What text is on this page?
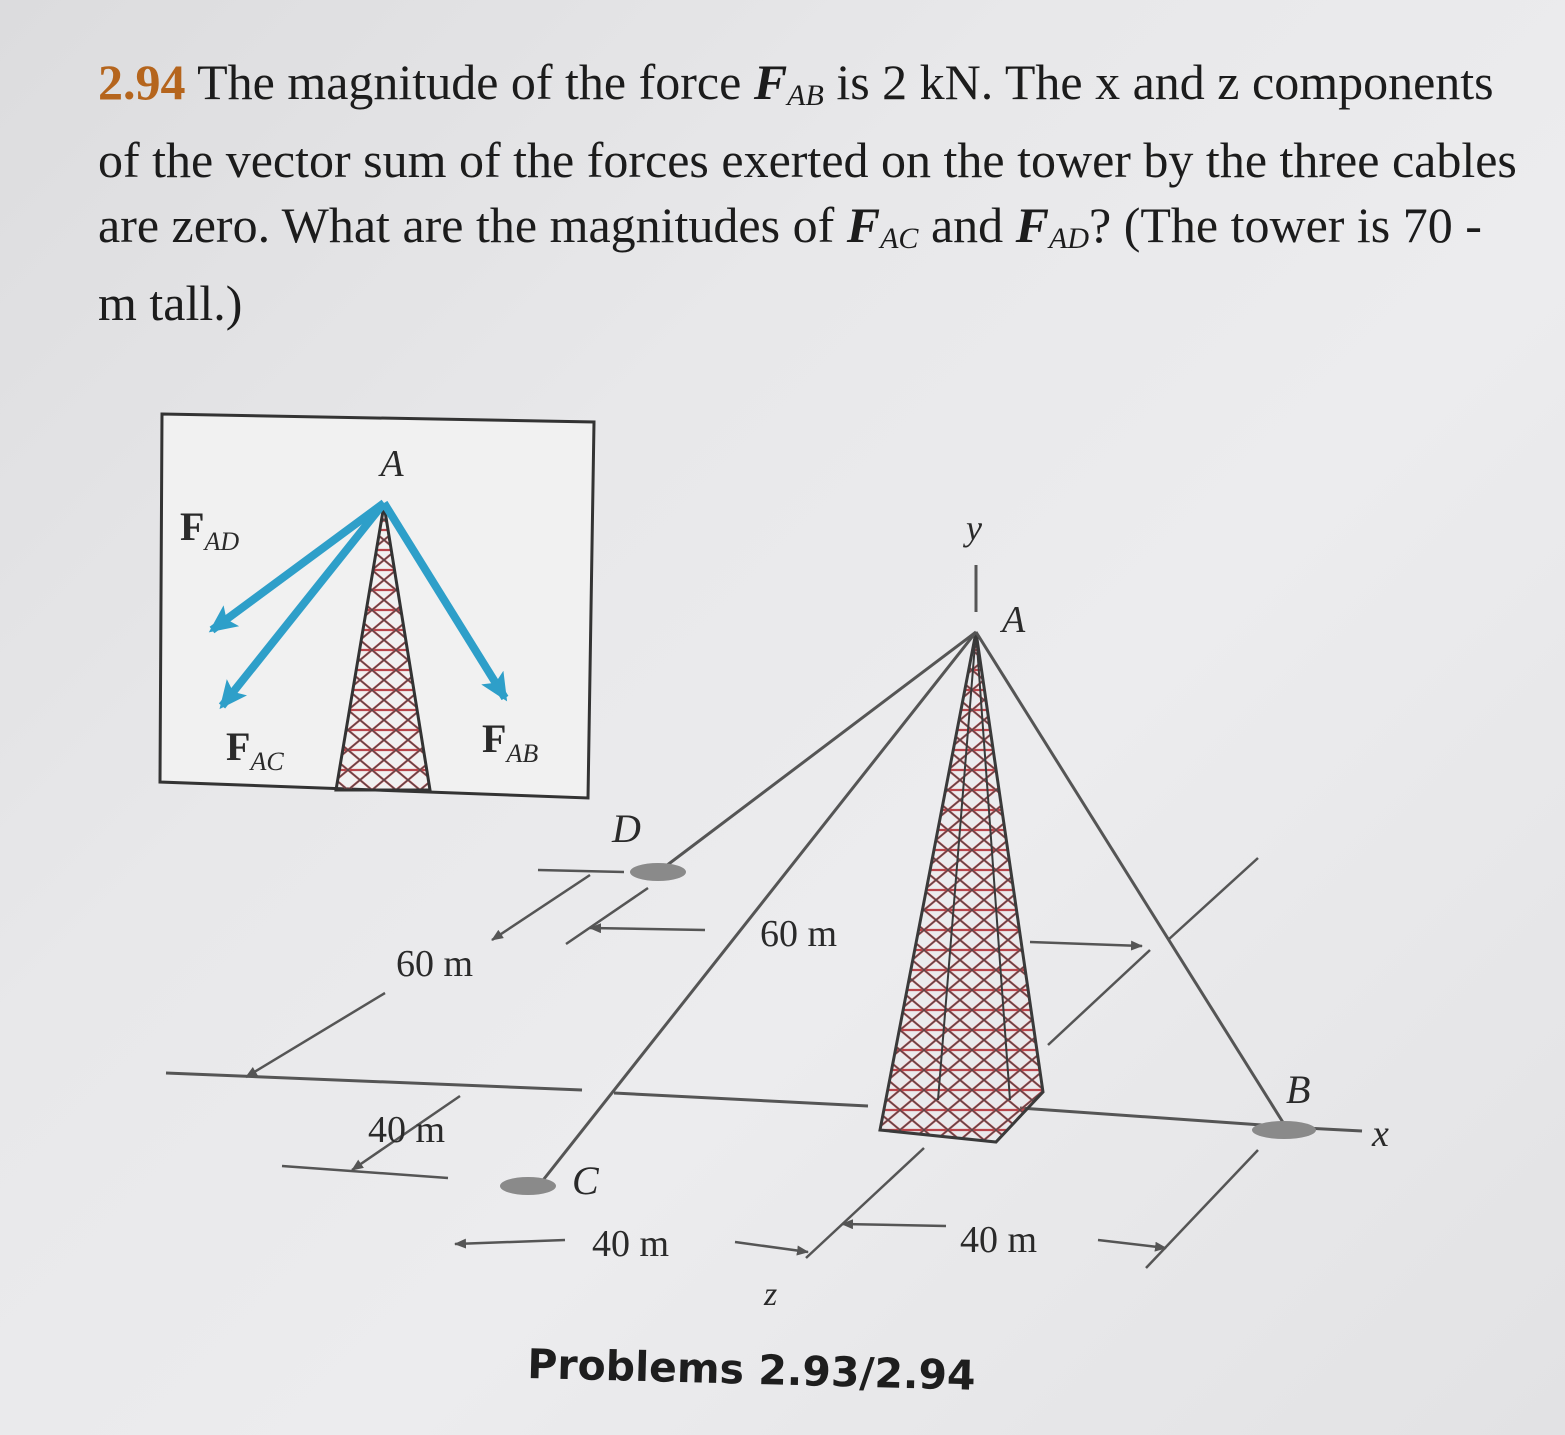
2.94 The magnitude of the force $F_{AB}$ is 2 kN. The x and z components of the vector sum of the forces exerted on the tower by the three cables are zero. What are the magnitudes of $F_{AC}$ and $F_{AD}$? (The tower is 70 -m tall.)
A
$F_{AD}$
$F_{AC}$
$F_{AB}$
y
A
D
60 m
60 m
40 m
C
B
x
40 m	40 m
z
Problems 2.93/2.94
